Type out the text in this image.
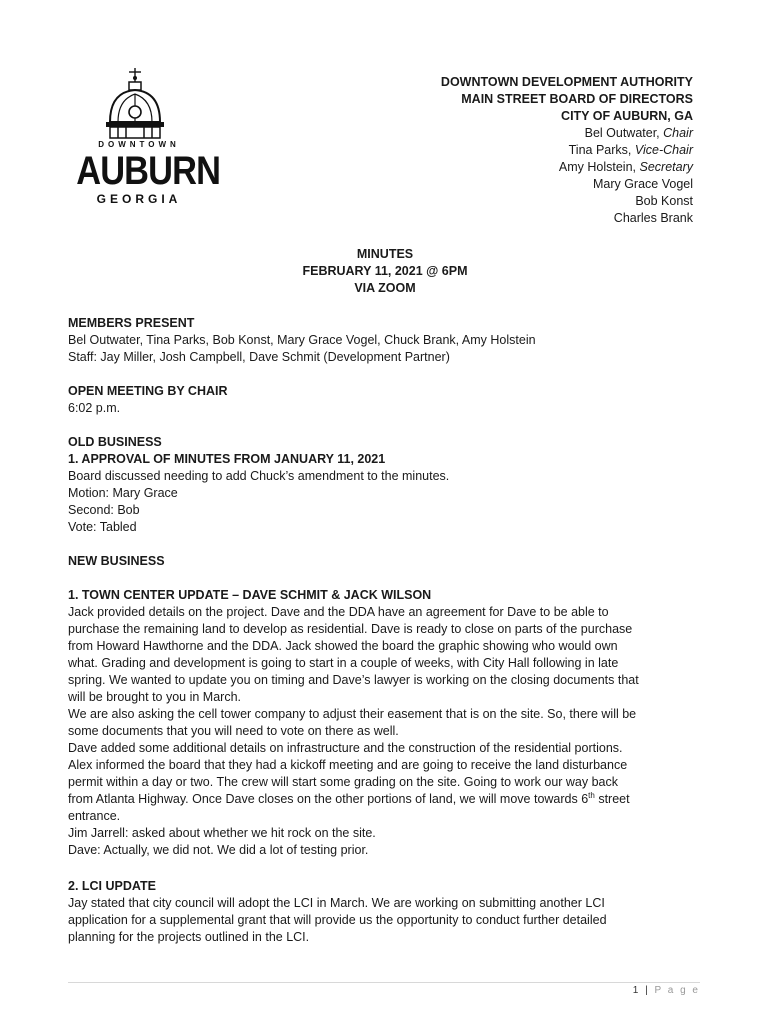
DOWNTOWN
AUBURN
GEORGIA
DOWNTOWN DEVELOPMENT AUTHORITY
MAIN STREET BOARD OF DIRECTORS
CITY OF AUBURN, GA
Bel Outwater, Chair
Tina Parks, Vice-Chair
Amy Holstein, Secretary
Mary Grace Vogel
Bob Konst
Charles Brank
MINUTES
FEBRUARY 11, 2021 @ 6PM
VIA ZOOM
MEMBERS PRESENT
Bel Outwater, Tina Parks, Bob Konst, Mary Grace Vogel, Chuck Brank, Amy Holstein
Staff: Jay Miller, Josh Campbell, Dave Schmit (Development Partner)
OPEN MEETING BY CHAIR
6:02 p.m.
OLD BUSINESS
1. APPROVAL OF MINUTES FROM JANUARY 11, 2021
Board discussed needing to add Chuck’s amendment to the minutes.
Motion: Mary Grace
Second: Bob
Vote: Tabled
NEW BUSINESS
1. TOWN CENTER UPDATE – DAVE SCHMIT & JACK WILSON
Jack provided details on the project. Dave and the DDA have an agreement for Dave to be able to
purchase the remaining land to develop as residential. Dave is ready to close on parts of the purchase
from Howard Hawthorne and the DDA. Jack showed the board the graphic showing who would own
what. Grading and development is going to start in a couple of weeks, with City Hall following in late
spring. We wanted to update you on timing and Dave’s lawyer is working on the closing documents that
will be brought to you in March.
We are also asking the cell tower company to adjust their easement that is on the site. So, there will be
some documents that you will need to vote on there as well.
Dave added some additional details on infrastructure and the construction of the residential portions.
Alex informed the board that they had a kickoff meeting and are going to receive the land disturbance
permit within a day or two. The crew will start some grading on the site. Going to work our way back
from Atlanta Highway. Once Dave closes on the other portions of land, we will move towards 6th street
entrance.
Jim Jarrell: asked about whether we hit rock on the site.
Dave: Actually, we did not. We did a lot of testing prior.
2. LCI UPDATE
Jay stated that city council will adopt the LCI in March. We are working on submitting another LCI
application for a supplemental grant that will provide us the opportunity to conduct further detailed
planning for the projects outlined in the LCI.
1 | P a g e
